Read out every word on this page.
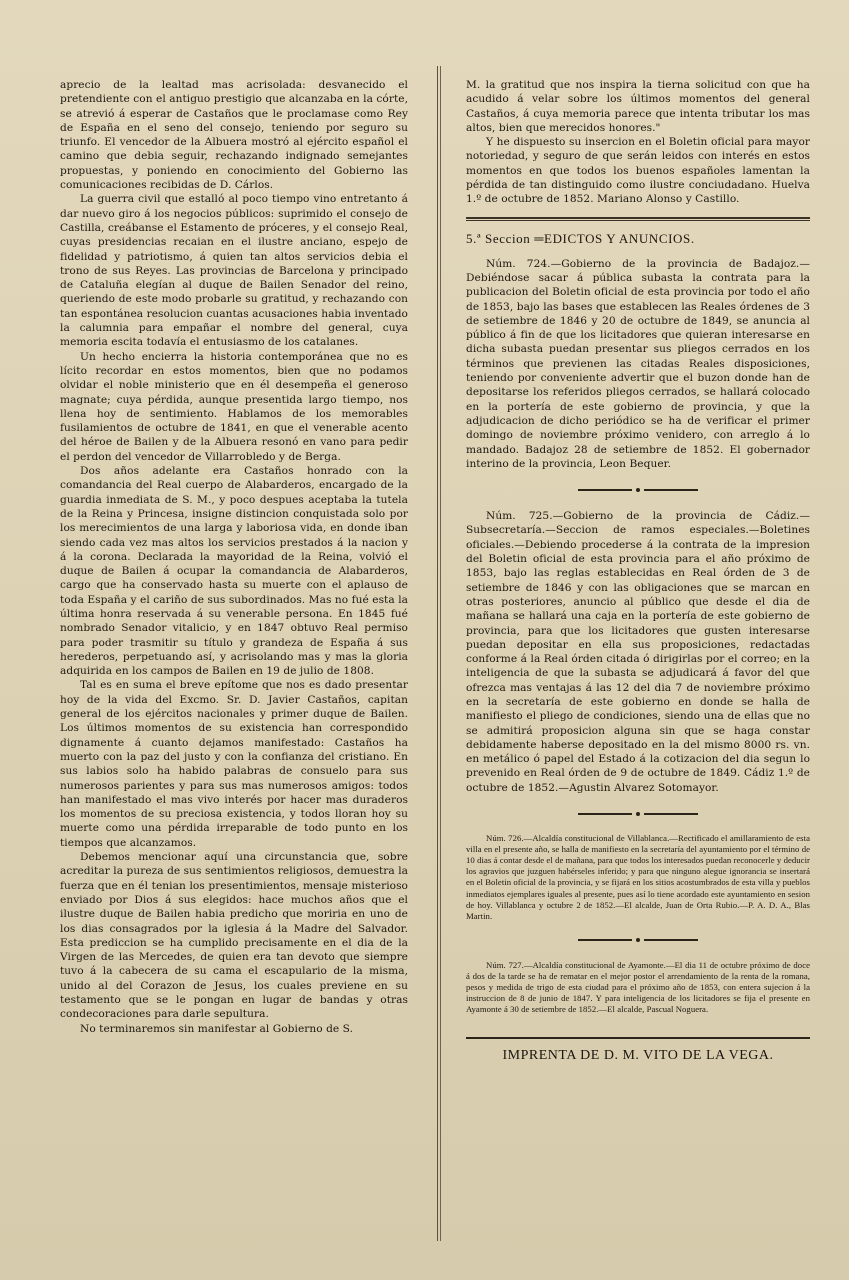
aprecio de la lealtad mas acrisolada: desvanecido el pretendiente con el antiguo prestigio que alcanzaba en la córte, se atrevió á esperar de Castaños que le proclamase como Rey de España en el seno del consejo, teniendo por seguro su triunfo. El vencedor de la Albuera mostró al ejército español el camino que debia seguir, rechazando indignado semejantes propuestas, y poniendo en conocimiento del Gobierno las comunicaciones recibidas de D. Cárlos.

La guerra civil que estalló al poco tiempo vino entretanto á dar nuevo giro á los negocios públicos: suprimido el consejo de Castilla, creábanse el Estamento de próceres, y el consejo Real, cuyas presidencias recaian en el ilustre anciano, espejo de fidelidad y patriotismo, á quien tan altos servicios debia el trono de sus Reyes. Las provincias de Barcelona y principado de Cataluña elegían al duque de Bailen Senador del reino, queriendo de este modo probarle su gratitud, y rechazando con tan espontánea resolucion cuantas acusaciones habia inventado la calumnia para empañar el nombre del general, cuya memoria escita todavía el entusiasmo de los catalanes.

Un hecho encierra la historia contemporánea que no es lícito recordar en estos momentos, bien que no podamos olvidar el noble ministerio que en él desempeña el generoso magnate; cuya pérdida, aunque presentida largo tiempo, nos llena hoy de sentimiento. Hablamos de los memorables fusilamientos de octubre de 1841, en que el venerable acento del héroe de Bailen y de la Albuera resonó en vano para pedir el perdon del vencedor de Villarrobledo y de Berga.

Dos años adelante era Castaños honrado con la comandancia del Real cuerpo de Alabarderos, encargado de la guardia inmediata de S. M., y poco despues aceptaba la tutela de la Reina y Princesa, insigne distincion conquistada solo por los merecimientos de una larga y laboriosa vida, en donde iban siendo cada vez mas altos los servicios prestados á la nacion y á la corona. Declarada la mayoridad de la Reina, volvió el duque de Bailen á ocupar la comandancia de Alabarderos, cargo que ha conservado hasta su muerte con el aplauso de toda España y el cariño de sus subordinados. Mas no fué esta la última honra reservada á su venerable persona. En 1845 fué nombrado Senador vitalicio, y en 1847 obtuvo Real permiso para poder trasmitir su título y grandeza de España á sus herederos, perpetuando así, y acrisolando mas y mas la gloria adquirida en los campos de Bailen en 19 de julio de 1808.

Tal es en suma el breve epítome que nos es dado presentar hoy de la vida del Excmo. Sr. D. Javier Castaños, capitan general de los ejércitos nacionales y primer duque de Bailen. Los últimos momentos de su existencia han correspondido dignamente á cuanto dejamos manifestado: Castaños ha muerto con la paz del justo y con la confianza del cristiano. En sus labios solo ha habido palabras de consuelo para sus numerosos parientes y para sus mas numerosos amigos: todos han manifestado el mas vivo interés por hacer mas duraderos los momentos de su preciosa existencia, y todos lloran hoy su muerte como una pérdida irreparable de todo punto en los tiempos que alcanzamos.

Debemos mencionar aquí una circunstancia que, sobre acreditar la pureza de sus sentimientos religiosos, demuestra la fuerza que en él tenian los presentimientos, mensaje misterioso enviado por Dios á sus elegidos: hace muchos años que el ilustre duque de Bailen habia predicho que moriria en uno de los dias consagrados por la iglesia á la Madre del Salvador. Esta prediccion se ha cumplido precisamente en el dia de la Virgen de las Mercedes, de quien era tan devoto que siempre tuvo á la cabecera de su cama el escapulario de la misma, unido al del Corazon de Jesus, los cuales previene en su testamento que se le pongan en lugar de bandas y otras condecoraciones para darle sepultura.

No terminaremos sin manifestar al Gobierno de S.

M. la gratitud que nos inspira la tierna solicitud con que ha acudido á velar sobre los últimos momentos del general Castaños, á cuya memoria parece que intenta tributar los mas altos, bien que merecidos honores."

Y he dispuesto su insercion en el Boletin oficial para mayor notoriedad, y seguro de que serán leidos con interés en estos momentos en que todos los buenos españoles lamentan la pérdida de tan distinguido como ilustre conciudadano. Huelva 1.º de octubre de 1852. Mariano Alonso y Castillo.

5.ª Seccion ═EDICTOS Y ANUNCIOS.

Núm. 724.—Gobierno de la provincia de Badajoz.—Debiéndose sacar á pública subasta la contrata para la publicacion del Boletin oficial de esta provincia por todo el año de 1853, bajo las bases que establecen las Reales órdenes de 3 de setiembre de 1846 y 20 de octubre de 1849, se anuncia al público á fin de que los licitadores que quieran interesarse en dicha subasta puedan presentar sus pliegos cerrados en los términos que previenen las citadas Reales disposiciones, teniendo por conveniente advertir que el buzon donde han de depositarse los referidos pliegos cerrados, se hallará colocado en la portería de este gobierno de provincia, y que la adjudicacion de dicho periódico se ha de verificar el primer domingo de noviembre próximo venidero, con arreglo á lo mandado. Badajoz 28 de setiembre de 1852. El gobernador interino de la provincia, Leon Bequer.

Núm. 725.—Gobierno de la provincia de Cádiz.—Subsecretaría.—Seccion de ramos especiales.—Boletines oficiales.—Debiendo procederse á la contrata de la impresion del Boletin oficial de esta provincia para el año próximo de 1853, bajo las reglas establecidas en Real órden de 3 de setiembre de 1846 y con las obligaciones que se marcan en otras posteriores, anuncio al público que desde el dia de mañana se hallará una caja en la portería de este gobierno de provincia, para que los licitadores que gusten interesarse puedan depositar en ella sus proposiciones, redactadas conforme á la Real órden citada ó dirigirlas por el correo; en la inteligencia de que la subasta se adjudicará á favor del que ofrezca mas ventajas á las 12 del dia 7 de noviembre próximo en la secretaría de este gobierno en donde se halla de manifiesto el pliego de condiciones, siendo una de ellas que no se admitirá proposicion alguna sin que se haga constar debidamente haberse depositado en la del mismo 8000 rs. vn. en metálico ó papel del Estado á la cotizacion del dia segun lo prevenido en Real órden de 9 de octubre de 1849. Cádiz 1.º de octubre de 1852.—Agustin Alvarez Sotomayor.

Núm. 726.—Alcaldía constitucional de Villablanca.—Rectificado el amillaramiento de esta villa en el presente año, se halla de manifiesto en la secretaría del ayuntamiento por el término de 10 dias á contar desde el de mañana, para que todos los interesados puedan reconocerle y deducir los agravios que juzguen habérseles inferido; y para que ninguno alegue ignorancia se insertará en el Boletin oficial de la provincia, y se fijará en los sitios acostumbrados de esta villa y pueblos inmediatos ejemplares iguales al presente, pues así lo tiene acordado este ayuntamiento en sesion de hoy. Villablanca y octubre 2 de 1852.—El alcalde, Juan de Orta Rubio.—P. A. D. A., Blas Martin.

Núm. 727.—Alcaldía constitucional de Ayamonte.—El dia 11 de octubre próximo de doce á dos de la tarde se ha de rematar en el mejor postor el arrendamiento de la renta de la romana, pesos y medida de trigo de esta ciudad para el próximo año de 1853, con entera sujecion á la instruccion de 8 de junio de 1847. Y para inteligencia de los licitadores se fija el presente en Ayamonte á 30 de setiembre de 1852.—El alcalde, Pascual Noguera.

IMPRENTA DE D. M. VITO DE LA VEGA.
